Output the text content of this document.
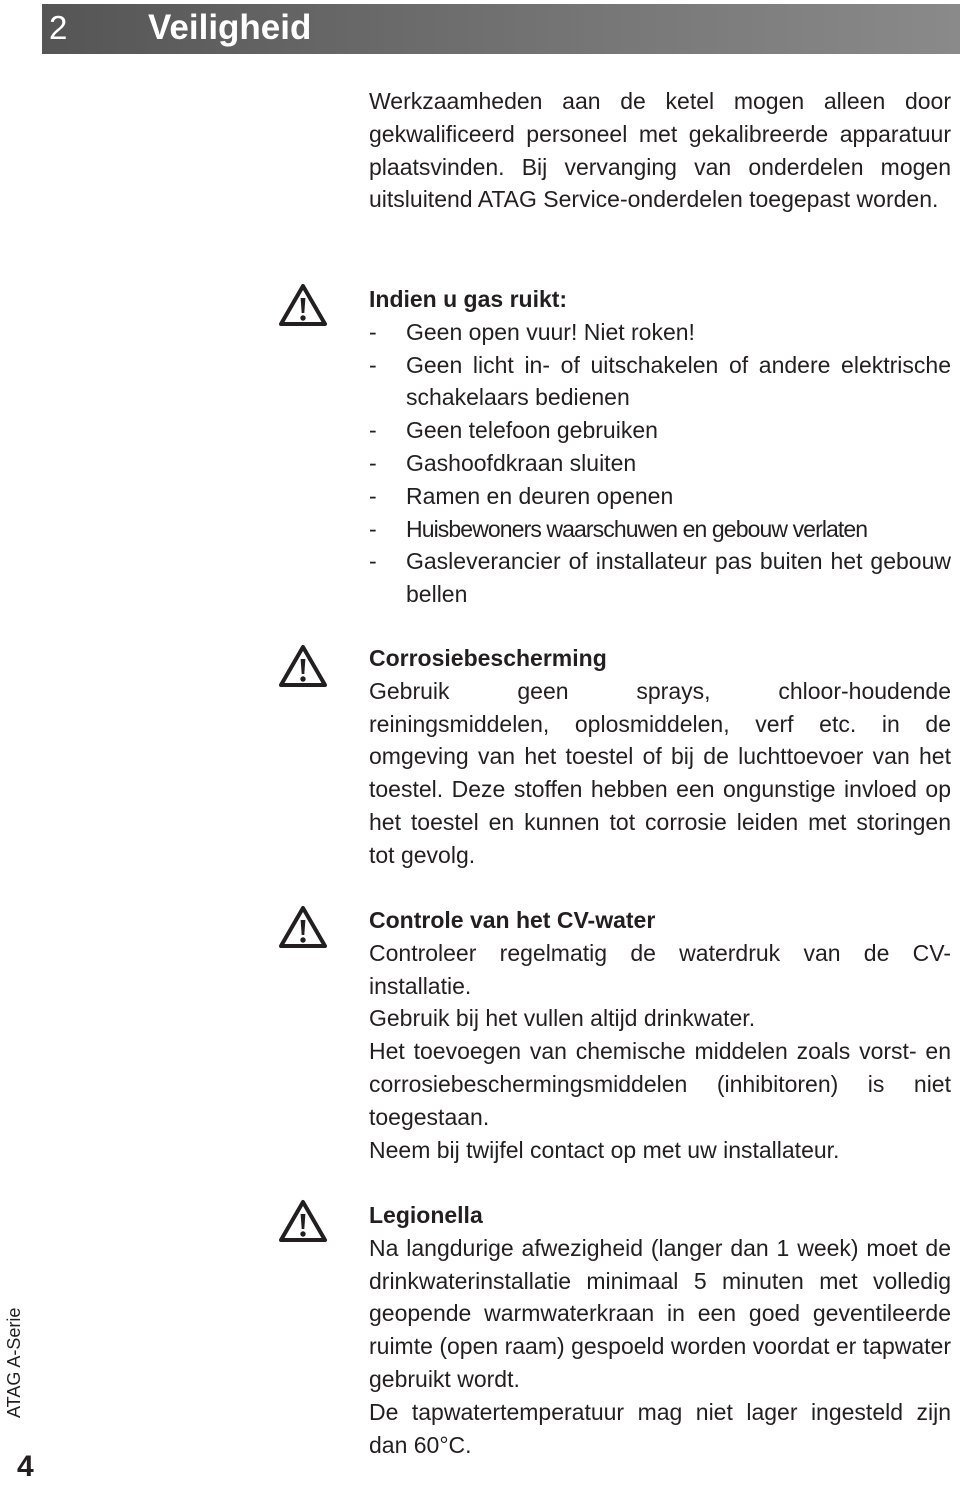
2 Veiligheid

Werkzaamheden aan de ketel mogen alleen door gekwalificeerd personeel met gekalibreerde apparatuur plaatsvinden. Bij vervanging van onderdelen mogen uitsluitend ATAG Service-onderdelen toegepast worden.

Indien u gas ruikt:

- Geen open vuur! Niet roken!
- Geen licht in- of uitschakelen of andere elektrische schakelaars bedienen
- Geen telefoon gebruiken
- Gashoofdkraan sluiten
- Ramen en deuren openen
- Huisbewoners waarschuwen en gebouw verlaten
- Gasleverancier of installateur pas buiten het gebouw bellen

Corrosiebescherming

Gebruik geen sprays, chloor-houdende reiningsmiddelen, oplosmiddelen, verf etc. in de omgeving van het toestel of bij de luchttoevoer van het toestel. Deze stoffen hebben een ongunstige invloed op het toestel en kunnen tot corrosie leiden met storingen tot gevolg.

Controle van het CV-water

Controleer regelmatig de waterdruk van de CV-installatie.

Gebruik bij het vullen altijd drinkwater.

Het toevoegen van chemische middelen zoals vorst- en corrosiebeschermingsmiddelen (inhibitoren) is niet toegestaan.

Neem bij twijfel contact op met uw installateur.

Legionella

Na langdurige afwezigheid (langer dan 1 week) moet de drinkwaterinstallatie minimaal 5 minuten met volledig geopende warmwaterkraan in een goed geventileerde ruimte (open raam) gespoeld worden voordat er tapwater gebruikt wordt.

De tapwatertemperatuur mag niet lager ingesteld zijn dan 60°C.

ATAG A-Serie
4
